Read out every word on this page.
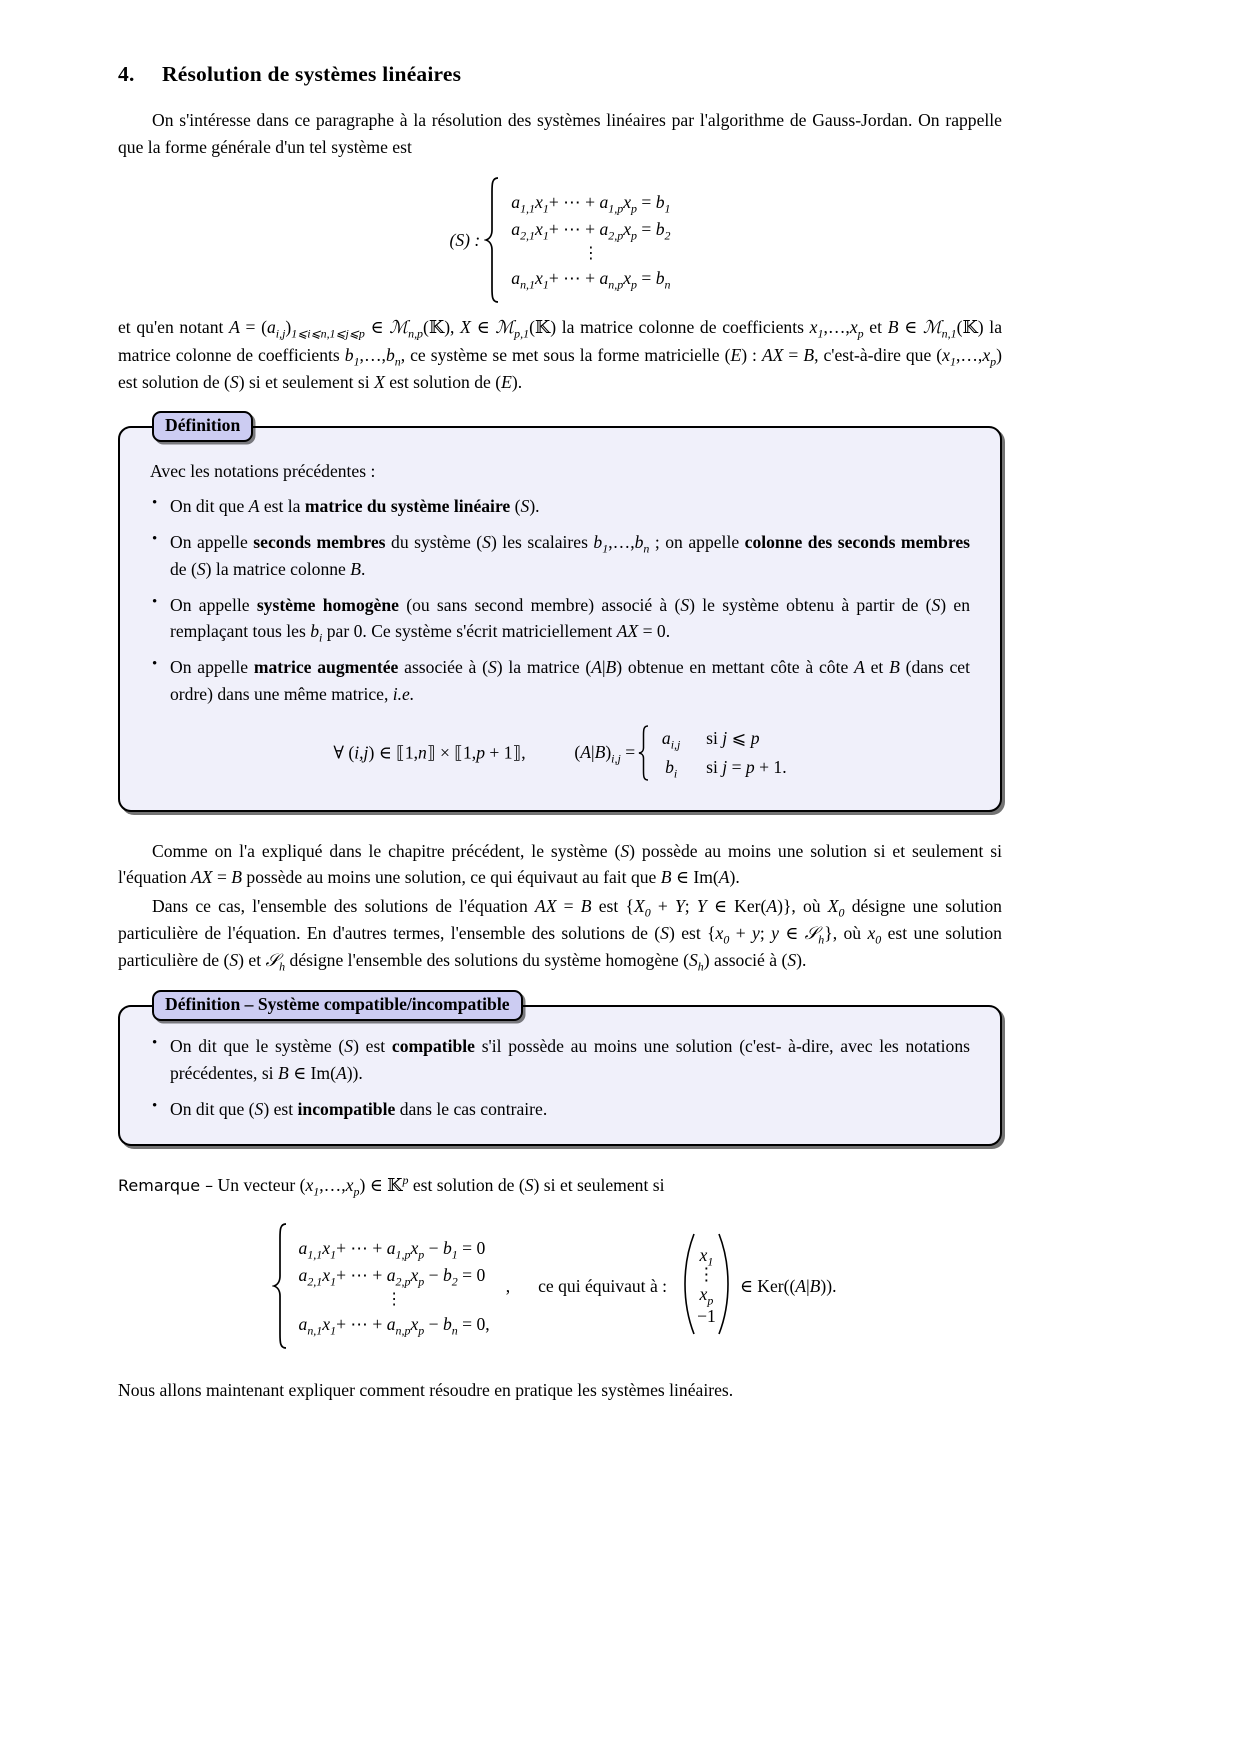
4. Résolution de systèmes linéaires

On s'intéresse dans ce paragraphe à la résolution des systèmes linéaires par l'algorithme de Gauss-Jordan. On rappelle que la forme générale d'un tel système est

(S) :
$a_{1,1}x_1+$ ⋯ + $a_{1,p}x_p = b_1$
$a_{2,1}x_1+$ ⋯ + $a_{2,p}x_p = b_2$
⋮
$a_{n,1}x_1+$ ⋯ + $a_{n,p}x_p = b_n$

et qu'en notant $A = (a_{i,j})_{1⩽i⩽n,1⩽j⩽p}$ ∈ ℳ$_{n,p}$(𝕂), X ∈ ℳ$_{p,1}$(𝕂) la matrice colonne de coefficients $x_1,\dots,x_p$ et B ∈ ℳ$_{n,1}$(𝕂) la matrice colonne de coefficients $b_1,\dots,b_n$, ce système se met sous la forme matricielle (E) : AX = B, c'est-à-dire que $(x_1,\dots,x_p)$ est solution de (S) si et seulement si X est solution de (E).

Définition

Avec les notations précédentes :

• On dit que A est la matrice du système linéaire (S).

• On appelle seconds membres du système (S) les scalaires $b_1,\dots,b_n$ ; on appelle colonne des seconds membres de (S) la matrice colonne B.

• On appelle système homogène (ou sans second membre) associé à (S) le système obtenu à partir de (S) en remplaçant tous les $b_i$ par 0. Ce système s'écrit matriciellement AX = 0.

• On appelle matrice augmentée associée à (S) la matrice (A|B) obtenue en mettant côte à côte A et B (dans cet ordre) dans une même matrice, i.e.

∀ (i,j) ∈ ⟦1,n⟧ × ⟦1,p + 1⟧,	$(A|B)_{i,j}$ =
$a_{i,j}$ si j ⩽ p
$b_i$	si j = p + 1.

Comme on l'a expliqué dans le chapitre précédent, le système (S) possède au moins une solution si et seulement si l'équation AX = B possède au moins une solution, ce qui équivaut au fait que B ∈ Im(A).

Dans ce cas, l'ensemble des solutions de l'équation AX = B est {$X_0 + Y$; Y ∈ Ker(A)}, où $X_0$ désigne une solution particulière de l'équation. En d'autres termes, l'ensemble des solutions de (S) est {$x_0 + y$; y ∈ 𝒮$_h$}, où $x_0$ est une solution particulière de (S) et 𝒮$_h$ désigne l'ensemble des solutions du système homogène $(S_h)$ associé à (S).

Définition – Système compatible/incompatible

• On dit que le système (S) est compatible s'il possède au moins une solution (c'est- à-dire, avec les notations précédentes, si B ∈ Im(A)).

• On dit que (S) est incompatible dans le cas contraire.

Remarque – Un vecteur $(x_1,\dots,x_p)$ ∈ 𝕂$^p$ est solution de (S) si et seulement si

$a_{1,1}x_1+$ ⋯ + $a_{1,p}x_p - b_1 = 0$
$a_{2,1}x_1+$ ⋯ + $a_{2,p}x_p - b_2 = 0$
⋮
$a_{n,1}x_1+$ ⋯ + $a_{n,p}x_p - b_n = 0$,
,	ce qui équivaut à :
$x_1$
⋮
$x_p$
−1
∈ Ker((A|B)).

Nous allons maintenant expliquer comment résoudre en pratique les systèmes linéaires.
